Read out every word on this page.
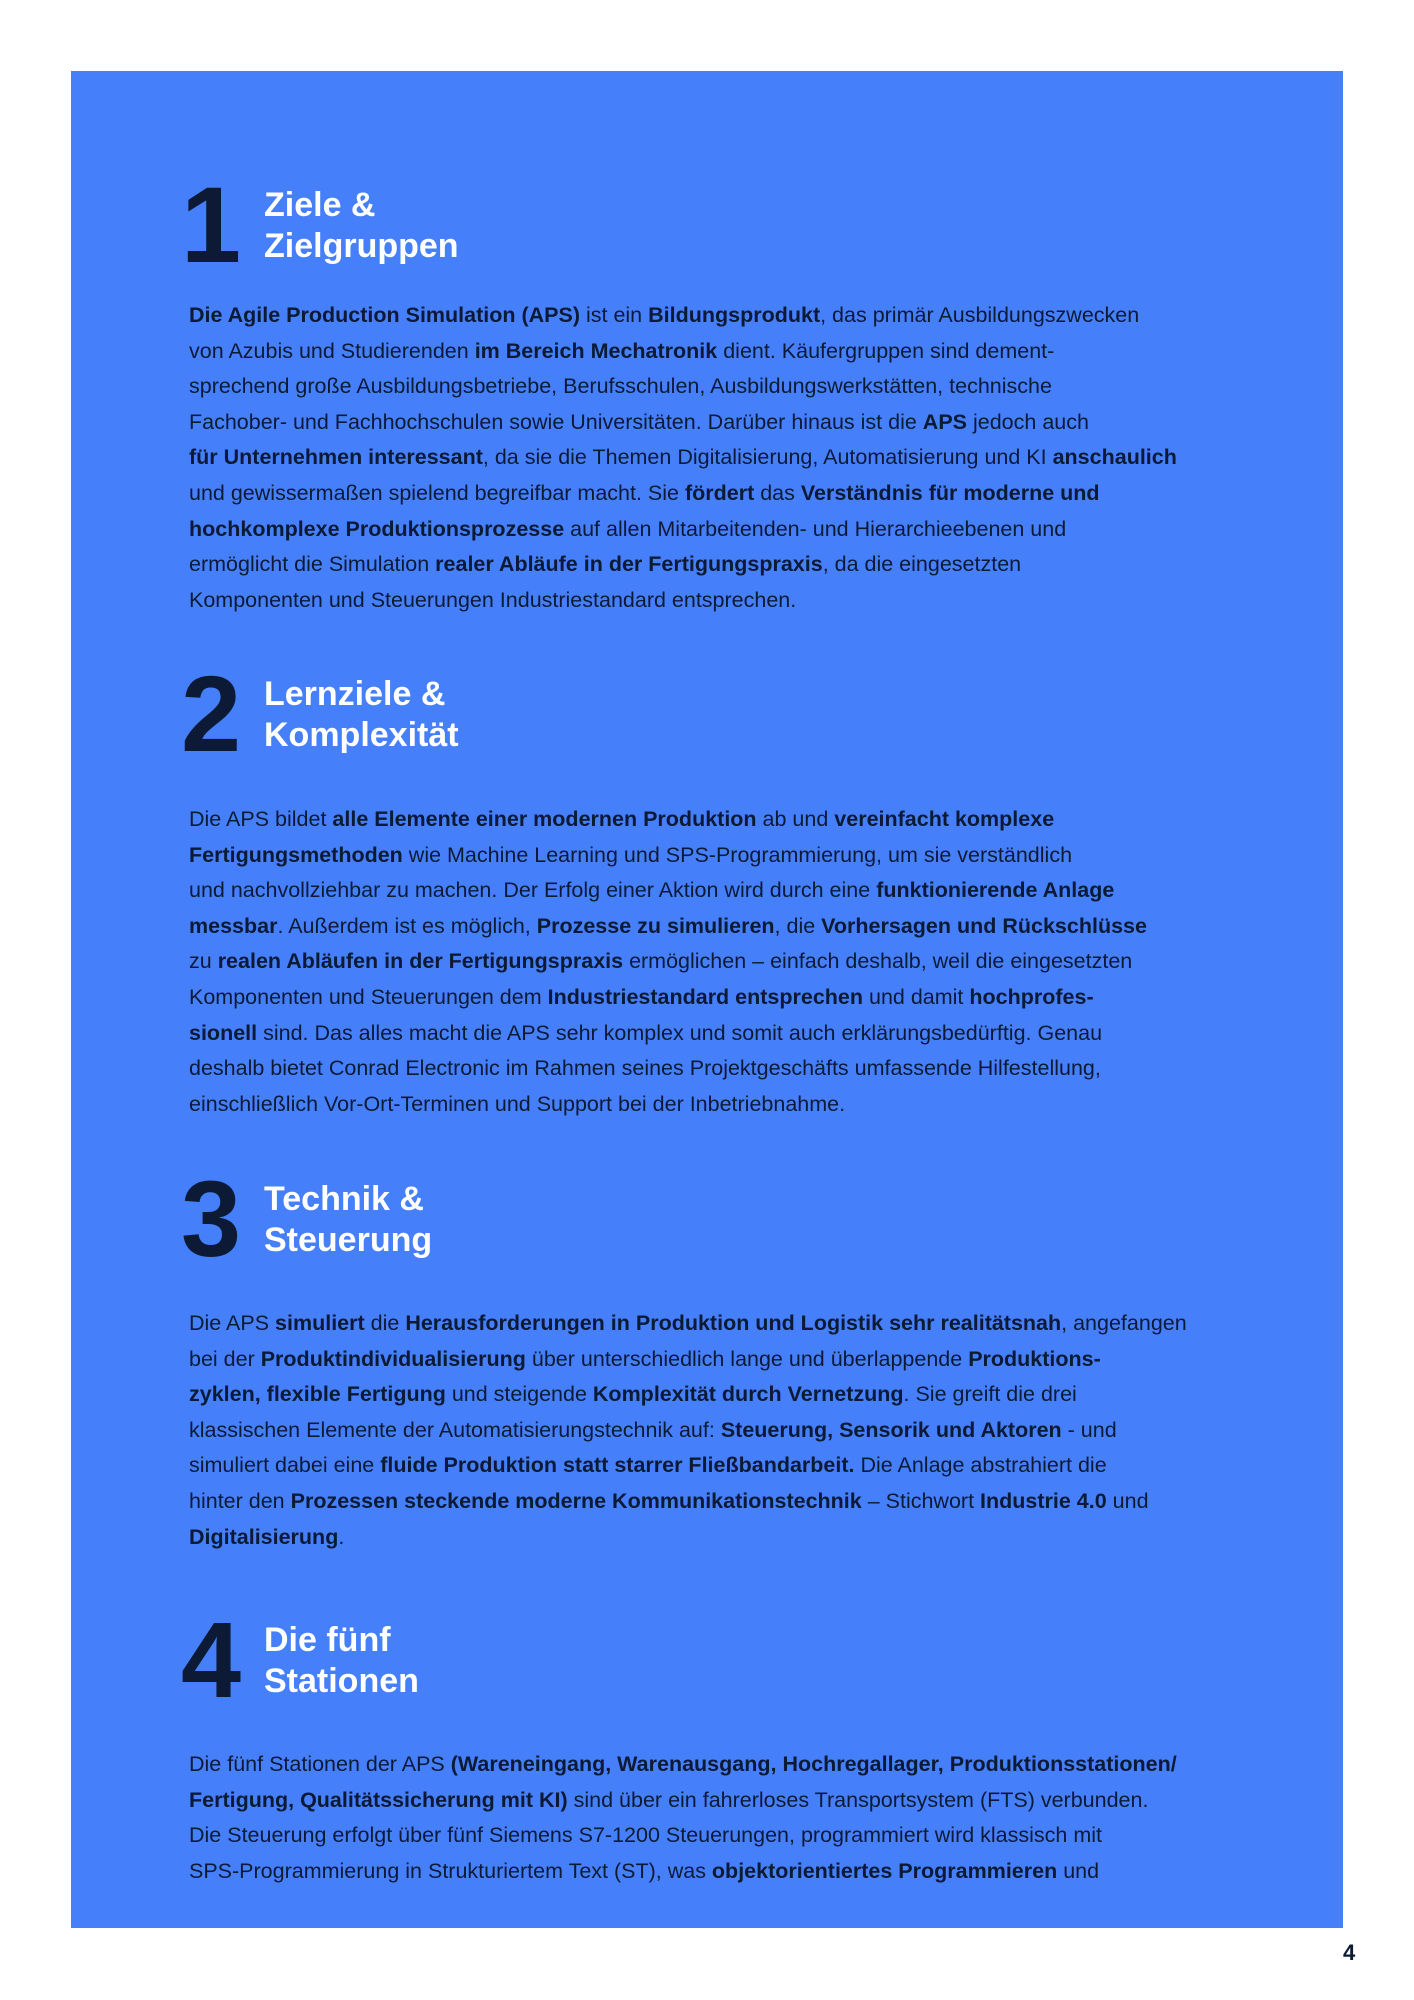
1 Ziele &
Zielgruppen
Die Agile Production Simulation (APS) ist ein Bildungsprodukt, das primär Ausbildungszwecken
von Azubis und Studierenden im Bereich Mechatronik dient. Käufergruppen sind dement-
sprechend große Ausbildungsbetriebe, Berufsschulen, Ausbildungswerkstätten, technische
Fachober- und Fachhochschulen sowie Universitäten. Darüber hinaus ist die APS jedoch auch
für Unternehmen interessant, da sie die Themen Digitalisierung, Automatisierung und KI anschaulich
und gewissermaßen spielend begreifbar macht. Sie fördert das Verständnis für moderne und
hochkomplexe Produktionsprozesse auf allen Mitarbeitenden- und Hierarchieebenen und
ermöglicht die Simulation realer Abläufe in der Fertigungspraxis, da die eingesetzten
Komponenten und Steuerungen Industriestandard entsprechen.
2 Lernziele &
Komplexität
Die APS bildet alle Elemente einer modernen Produktion ab und vereinfacht komplexe
Fertigungsmethoden wie Machine Learning und SPS-Programmierung, um sie verständlich
und nachvollziehbar zu machen. Der Erfolg einer Aktion wird durch eine funktionierende Anlage
messbar. Außerdem ist es möglich, Prozesse zu simulieren, die Vorhersagen und Rückschlüsse
zu realen Abläufen in der Fertigungspraxis ermöglichen – einfach deshalb, weil die eingesetzten
Komponenten und Steuerungen dem Industriestandard entsprechen und damit hochprofes-
sionell sind. Das alles macht die APS sehr komplex und somit auch erklärungsbedürftig. Genau
deshalb bietet Conrad Electronic im Rahmen seines Projektgeschäfts umfassende Hilfestellung,
einschließlich Vor-Ort-Terminen und Support bei der Inbetriebnahme.
3 Technik &
Steuerung
Die APS simuliert die Herausforderungen in Produktion und Logistik sehr realitätsnah, angefangen
bei der Produktindividualisierung über unterschiedlich lange und überlappende Produktions-
zyklen, flexible Fertigung und steigende Komplexität durch Vernetzung. Sie greift die drei
klassischen Elemente der Automatisierungstechnik auf: Steuerung, Sensorik und Aktoren - und
simuliert dabei eine fluide Produktion statt starrer Fließbandarbeit. Die Anlage abstrahiert die
hinter den Prozessen steckende moderne Kommunikationstechnik – Stichwort Industrie 4.0 und
Digitalisierung.
4 Die fünf
Stationen
Die fünf Stationen der APS (Wareneingang, Warenausgang, Hochregallager, Produktionsstationen/
Fertigung, Qualitätssicherung mit KI) sind über ein fahrerloses Transportsystem (FTS) verbunden.
Die Steuerung erfolgt über fünf Siemens S7-1200 Steuerungen, programmiert wird klassisch mit
SPS-Programmierung in Strukturiertem Text (ST), was objektorientiertes Programmieren und
4
